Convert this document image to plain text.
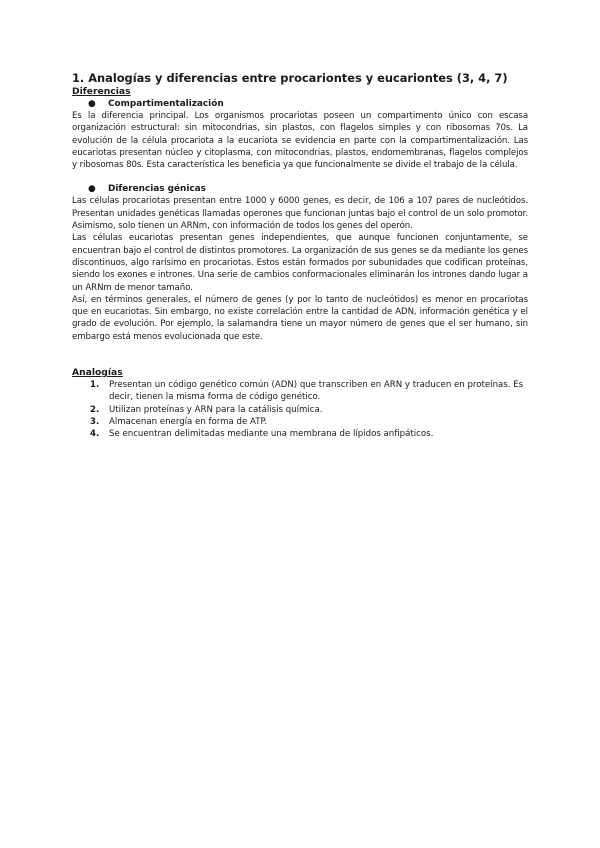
1. Analogías y diferencias entre procariontes y eucariontes (3, 4, 7)

Diferencias

● Compartimentalización

Es la diferencia principal. Los organismos procariotas poseen un compartimento único con escasa organización estructural: sin mitocondrias, sin plastos, con flagelos simples y con ribosomas 70s. La evolución de la célula procariota a la eucariota se evidencia en parte con la compartimentalización. Las eucariotas presentan núcleo y citoplasma, con mitocondrias, plastos, endomembranas, flagelos complejos y ribosomas 80s. Esta característica les beneficia ya que funcionalmente se divide el trabajo de la célula.

● Diferencias génicas

Las células procariotas presentan entre 1000 y 6000 genes, es decir, de 106 a 107 pares de nucleótidos. Presentan unidades genéticas llamadas operones que funcionan juntas bajo el control de un solo promotor. Asimismo, solo tienen un ARNm, con información de todos los genes del operón.

Las células eucariotas presentan genes independientes, que aunque funcionen conjuntamente, se encuentran bajo el control de distintos promotores. La organización de sus genes se da mediante los genes discontinuos, algo rarísimo en procariotas. Estos están formados por subunidades que codifican proteínas, siendo los exones e intrones. Una serie de cambios conformacionales eliminarán los intrones dando lugar a un ARNm de menor tamaño.

Así, en términos generales, el número de genes (y por lo tanto de nucleótidos) es menor en procariotas que en eucariotas. Sin embargo, no existe correlación entre la cantidad de ADN, información genética y el grado de evolución. Por ejemplo, la salamandra tiene un mayor número de genes que el ser humano, sin embargo está menos evolucionada que este.

Analogías

1. Presentan un código genético común (ADN) que transcriben en ARN y traducen en proteínas. Es decir, tienen la misma forma de código genético.
2. Utilizan proteínas y ARN para la catálisis química.
3. Almacenan energía en forma de ATP.
4. Se encuentran delimitadas mediante una membrana de lípidos anfipáticos.
